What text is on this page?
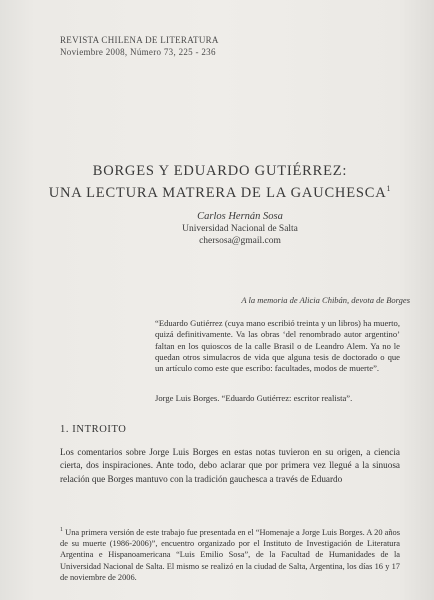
REVISTA CHILENA DE LITERATURA
Noviembre 2008, Número 73, 225 - 236
BORGES Y EDUARDO GUTIÉRREZ:
UNA LECTURA MATRERA DE LA GAUCHESCA$^1$
Carlos Hernán Sosa
Universidad Nacional de Salta
chersosa@gmail.com
A la memoria de Alicia Chibán, devota de Borges
“Eduardo Gutiérrez (cuya mano escribió treinta y un libros) ha muerto, quizá definitivamente. Va las obras ‘del renombrado autor argentino’ faltan en los quioscos de la calle Brasil o de Leandro Alem. Ya no le quedan otros simulacros de vida que alguna tesis de doctorado o que un artículo como este que escribo: facultades, modos de muerte”.
Jorge Luis Borges. “Eduardo Gutiérrez: escritor realista”.
1. INTROITO
Los comentarios sobre Jorge Luis Borges en estas notas tuvieron en su origen, a ciencia cierta, dos inspiraciones. Ante todo, debo aclarar que por primera vez llegué a la sinuosa relación que Borges mantuvo con la tradición gauchesca a través de Eduardo
$^1$ Una primera versión de este trabajo fue presentada en el “Homenaje a Jorge Luis Borges. A 20 años de su muerte (1986-2006)”, encuentro organizado por el Instituto de Investigación de Literatura Argentina e Hispanoamericana “Luis Emilio Sosa”, de la Facultad de Humanidades de la Universidad Nacional de Salta. El mismo se realizó en la ciudad de Salta, Argentina, los días 16 y 17 de noviembre de 2006.
